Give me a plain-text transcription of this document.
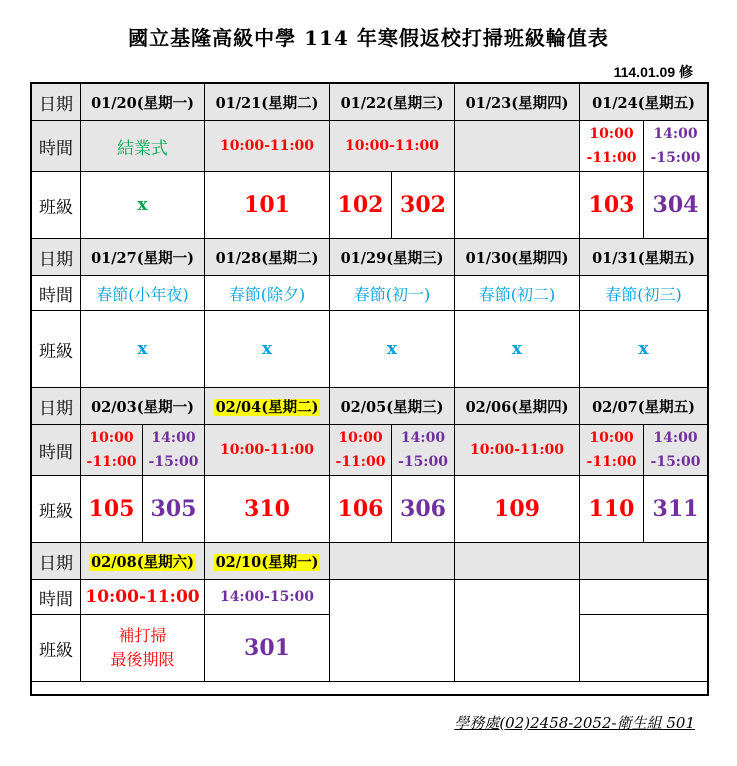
國立基隆高級中學 114 年寒假返校打掃班級輪值表
114.01.09 修
日期	01/20(星期一)		01/21(星期二)	01/22(星期三)		01/23(星期四)	01/24(星期五)	
時間	結業式		10:00-11:00	10:00-11:00			10:00
-11:00	14:00
-15:00
班級	x		101	102	302		103	304
日期	01/27(星期一)		01/28(星期二)	01/29(星期三)		01/30(星期四)	01/31(星期五)	
時間	春節(小年夜)		春節(除夕)	春節(初一)		春節(初二)	春節(初三)	
班級	x		x	x		x	x	
日期	02/03(星期一)		02/04(星期二)	02/05(星期三)		02/06(星期四)	02/07(星期五)	
時間	10:00
-11:00	14:00
-15:00	10:00-11:00	10:00
-11:00	14:00
-15:00	10:00-11:00	10:00
-11:00	14:00
-15:00
班級	105	305	310	106	306	109	110	311
日期	02/08(星期六)		02/10(星期一)					
時間	10:00-11:00		14:00-15:00					
班級	補打掃
最後期限		301					
學務處(02)2458-2052-衛生組 501
